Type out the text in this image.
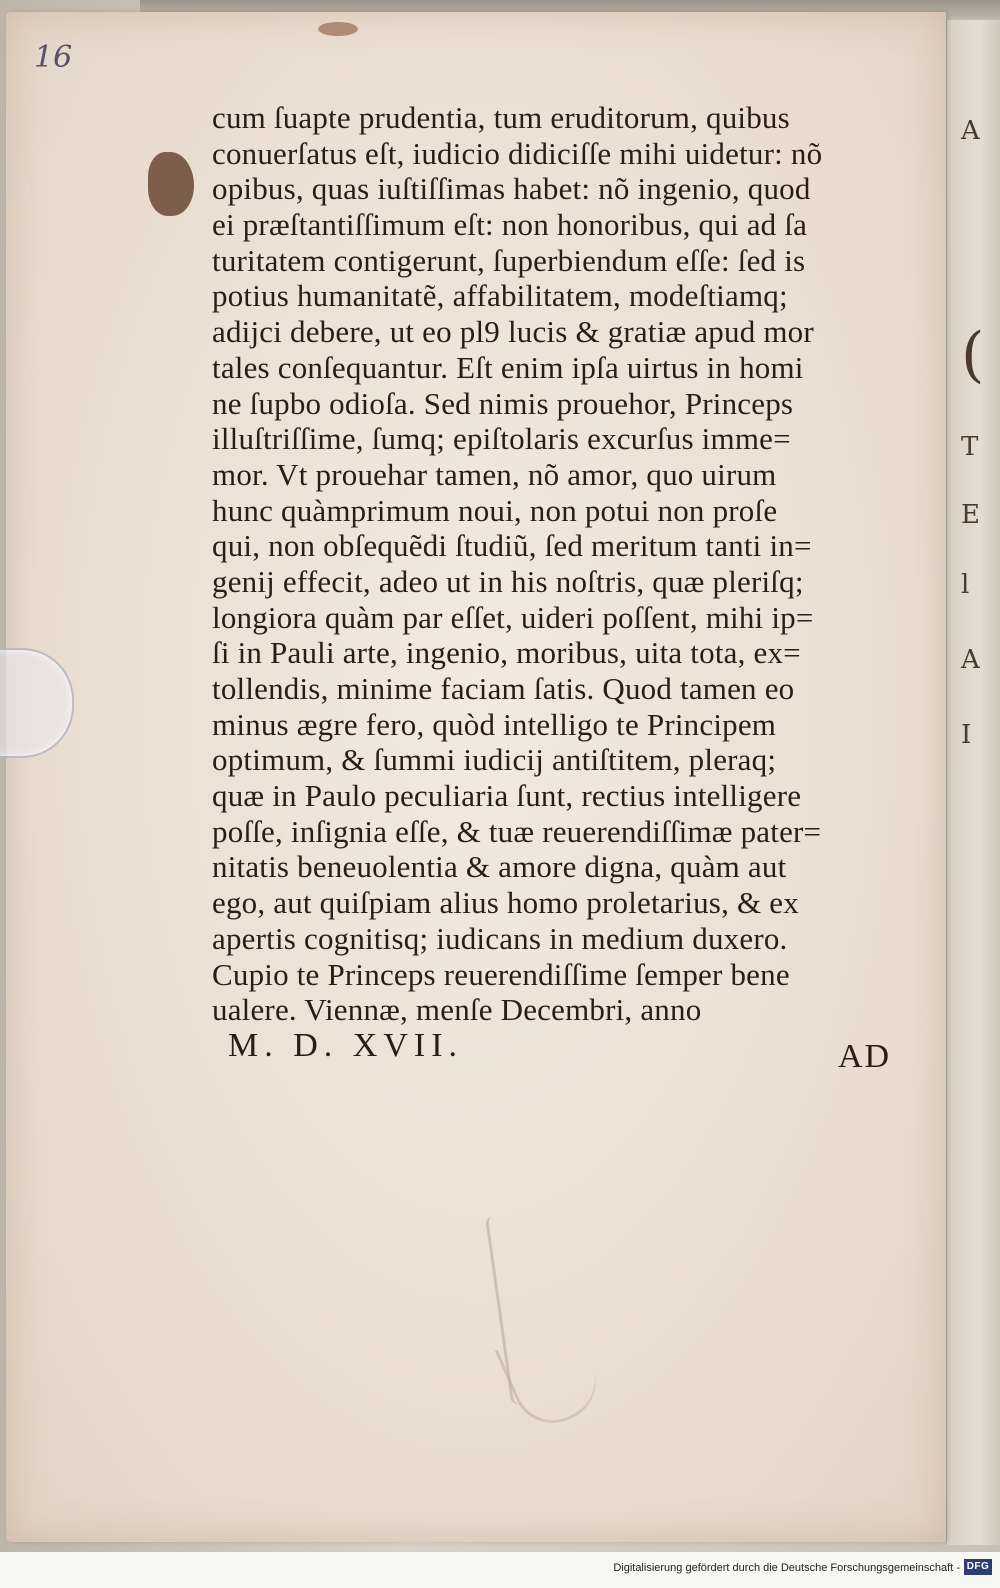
A
(
T
E
l
A
I
16
cum ſuapte prudentia, tum eruditorum, quibus
conuerſatus eſt, iudicio didiciſſe mihi uidetur: nõ
opibus, quas iuſtiſſimas habet: nõ ingenio, quod
ei præſtantiſſimum eſt: non honoribus, qui ad ſa
turitatem contigerunt, ſuperbiendum eſſe: ſed is
potius humanitatẽ, affabilitatem, modeſtiamq;
adijci debere, ut eo pl9 lucis & gratiæ apud mor
tales conſequantur. Eſt enim ipſa uirtus in homi
ne ſupbo odioſa. Sed nimis prouehor, Princeps
illuſtriſſime, ſumq; epiſtolaris excurſus imme=
mor. Vt prouehar tamen, nõ amor, quo uirum
hunc quàmprimum noui, non potui non proſe
qui, non obſequẽdi ſtudiũ, ſed meritum tanti in=
genij effecit, adeo ut in his noſtris, quæ pleriſq;
longiora quàm par eſſet, uideri poſſent, mihi ip=
ſi in Pauli arte, ingenio, moribus, uita tota, ex=
tollendis, minime faciam ſatis. Quod tamen eo
minus ægre fero, quòd intelligo te Principem
optimum, & ſummi iudicij antiſtitem, pleraq;
quæ in Paulo peculiaria ſunt, rectius intelligere
poſſe, inſignia eſſe, & tuæ reuerendiſſimæ pater=
nitatis beneuolentia & amore digna, quàm aut
ego, aut quiſpiam alius homo proletarius, & ex
apertis cognitisq; iudicans in medium duxero.
Cupio te Princeps reuerendiſſime ſemper bene
ualere. Viennæ, menſe Decembri, anno
M. D. XVII.	AD
Digitalisierung gefördert durch die Deutsche Forschungsgemeinschaft - DFG
